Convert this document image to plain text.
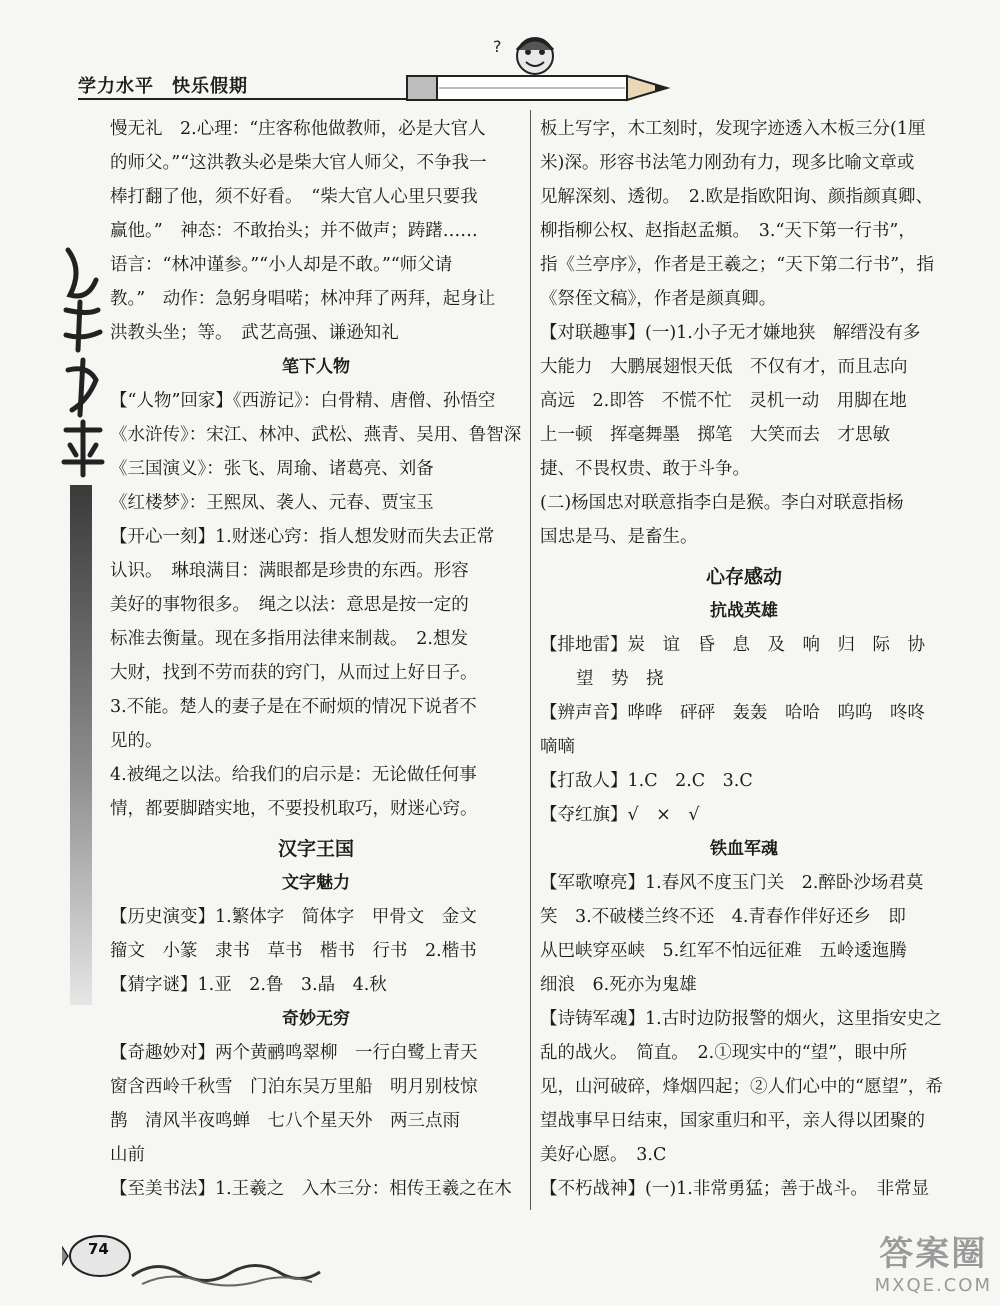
学力水平 快乐假期
?

慢无礼　2.心理：“庄客称他做教师，必是大官人

的师父。”“这洪教头必是柴大官人师父，不争我一

棒打翻了他，须不好看。　“柴大官人心里只要我

赢他。”　神态：不敢抬头；并不做声；踌躇……

语言：“林冲谨参。”“小人却是不敢。”“师父请

教。”　动作：急躬身唱喏；林冲拜了两拜，起身让

洪教头坐；等。　武艺高强、谦逊知礼

笔下人物

【“人物”回家】《西游记》：白骨精、唐僧、孙悟空

《水浒传》：宋江、林冲、武松、燕青、吴用、鲁智深

《三国演义》：张飞、周瑜、诸葛亮、刘备

《红楼梦》：王熙凤、袭人、元春、贾宝玉

【开心一刻】1.财迷心窍：指人想发财而失去正常

认识。　琳琅满目：满眼都是珍贵的东西。形容

美好的事物很多。　绳之以法：意思是按一定的

标准去衡量。现在多指用法律来制裁。　2.想发

大财，找到不劳而获的窍门，从而过上好日子。

3.不能。楚人的妻子是在不耐烦的情况下说者不

见的。

4.被绳之以法。给我们的启示是：无论做任何事

情，都要脚踏实地，不要投机取巧，财迷心窍。

汉字王国
文字魅力

【历史演变】1.繁体字　简体字　甲骨文　金文

籀文　小篆　隶书　草书　楷书　行书　2.楷书

【猜字谜】1.亚　2.鲁　3.晶　4.秋

奇妙无穷

【奇趣妙对】两个黄鹂鸣翠柳　一行白鹭上青天

窗含西岭千秋雪　门泊东吴万里船　明月别枝惊

鹊　清风半夜鸣蝉　七八个星天外　两三点雨

山前

【至美书法】1.王羲之　入木三分：相传王羲之在木

板上写字，木工刻时，发现字迹透入木板三分(1厘

米)深。形容书法笔力刚劲有力，现多比喻文章或

见解深刻、透彻。　2.欧是指欧阳询、颜指颜真卿、

柳指柳公权、赵指赵孟頫。　3.“天下第一行书”，

指《兰亭序》，作者是王羲之；“天下第二行书”，指

《祭侄文稿》，作者是颜真卿。

【对联趣事】(一)1.小子无才嫌地狭　解缙没有多

大能力　大鹏展翅恨天低　不仅有才，而且志向

高远　2.即答　不慌不忙　灵机一动　用脚在地

上一顿　挥毫舞墨　掷笔　大笑而去　才思敏

捷、不畏权贵、敢于斗争。

(二)杨国忠对联意指李白是猴。李白对联意指杨

国忠是马、是畜生。

心存感动
抗战英雄

【排地雷】炭　谊　昏　息　及　响　归　际　协

望　势　挠

【辨声音】哗哗　砰砰　轰轰　哈哈　呜呜　咚咚

嘀嘀

【打敌人】1.C　2.C　3.C

【夺红旗】√　×　√

铁血军魂

【军歌嘹亮】1.春风不度玉门关　2.醉卧沙场君莫

笑　3.不破楼兰终不还　4.青春作伴好还乡　即

从巴峡穿巫峡　5.红军不怕远征难　五岭逶迤腾

细浪　6.死亦为鬼雄

【诗铸军魂】1.古时边防报警的烟火，这里指安史之

乱的战火。　简直。　2.①现实中的“望”，眼中所

见，山河破碎，烽烟四起；②人们心中的“愿望”，希

望战事早日结束，国家重归和平，亲人得以团聚的

美好心愿。　3.C

【不朽战神】(一)1.非常勇猛；善于战斗。　非常显

74	答案圈
MXQE.COM
